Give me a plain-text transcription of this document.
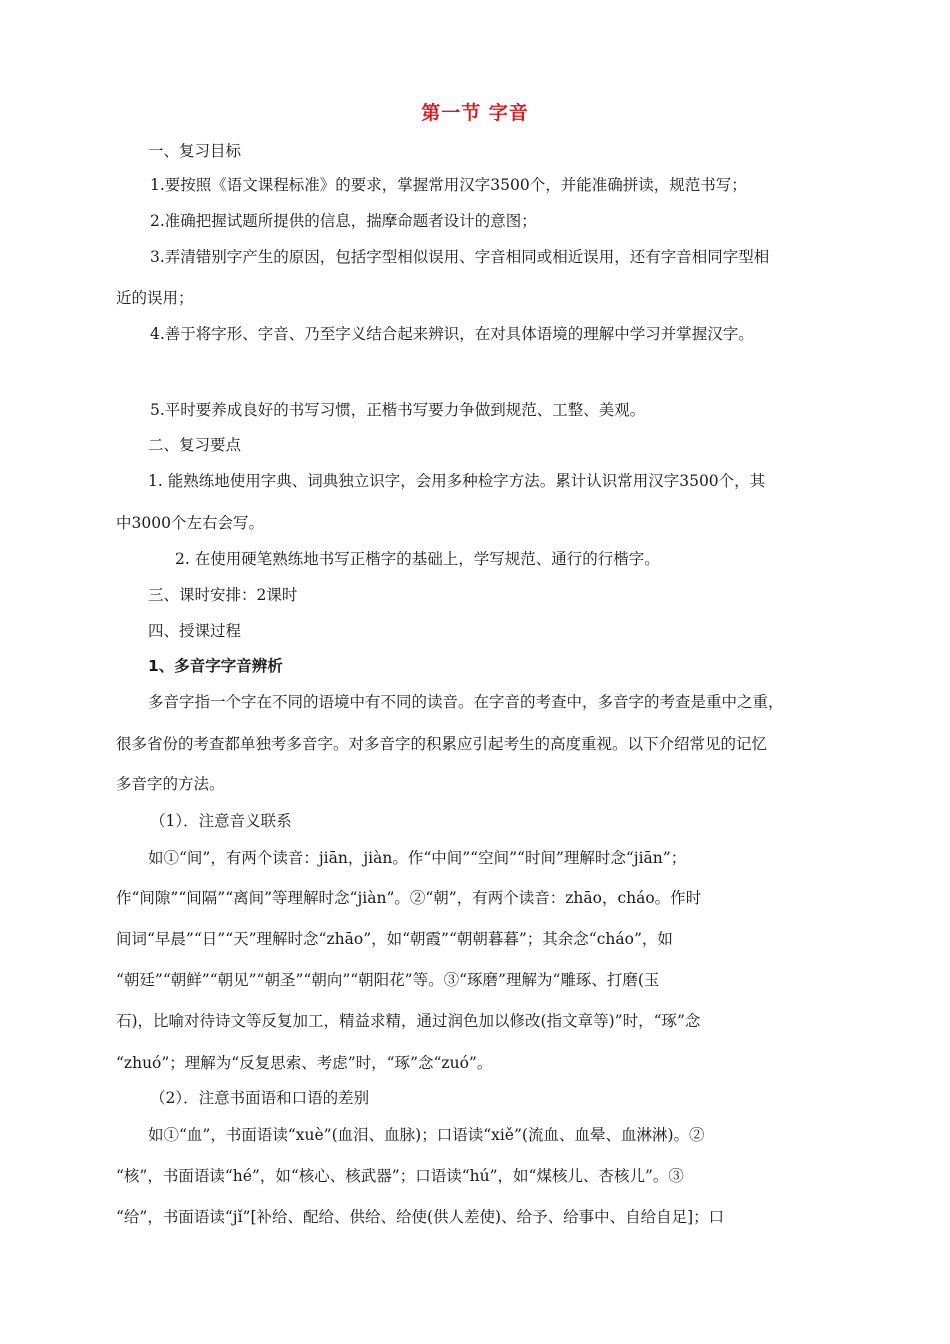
第一节 字音
一、复习目标
1.要按照《语文课程标准》的要求，掌握常用汉字3500个，并能准确拼读，规范书写；
2.准确把握试题所提供的信息，揣摩命题者设计的意图；
3.弄清错别字产生的原因，包括字型相似误用、字音相同或相近误用，还有字音相同字型相
近的误用；
4.善于将字形、字音、乃至字义结合起来辨识，在对具体语境的理解中学习并掌握汉字。
5.平时要养成良好的书写习惯，正楷书写要力争做到规范、工整、美观。
二、复习要点
1. 能熟练地使用字典、词典独立识字，会用多种检字方法。累计认识常用汉字3500个，其
中3000个左右会写。
2. 在使用硬笔熟练地书写正楷字的基础上，学写规范、通行的行楷字。
三、课时安排：2课时
四、授课过程
1、多音字字音辨析
多音字指一个字在不同的语境中有不同的读音。在字音的考查中，多音字的考查是重中之重，
很多省份的考查都单独考多音字。对多音字的积累应引起考生的高度重视。以下介绍常见的记忆
多音字的方法。
（1）．注意音义联系
如①“间”，有两个读音：jiān，jiàn。作“中间”“空间”“时间”理解时念“jiān”；
作“间隙”“间隔”“离间”等理解时念“jiàn”。②“朝”，有两个读音：zhāo，cháo。作时
间词“早晨”“日”“天”理解时念“zhāo”，如“朝霞”“朝朝暮暮”；其余念“cháo”，如
“朝廷”“朝鲜”“朝见”“朝圣”“朝向”“朝阳花”等。③“琢磨”理解为“雕琢、打磨(玉
石)，比喻对待诗文等反复加工，精益求精，通过润色加以修改(指文章等)”时，“琢”念
“zhuó”；理解为“反复思索、考虑”时，“琢”念“zuó”。
（2）．注意书面语和口语的差别
如①“血”，书面语读“xuè”(血泪、血脉)；口语读“xiě”(流血、血晕、血淋淋)。②
“核”，书面语读“hé”，如“核心、核武器”；口语读“hú”，如“煤核儿、杏核儿”。③
“给”，书面语读“jǐ”[补给、配给、供给、给使(供人差使)、给予、给事中、自给自足]；口
